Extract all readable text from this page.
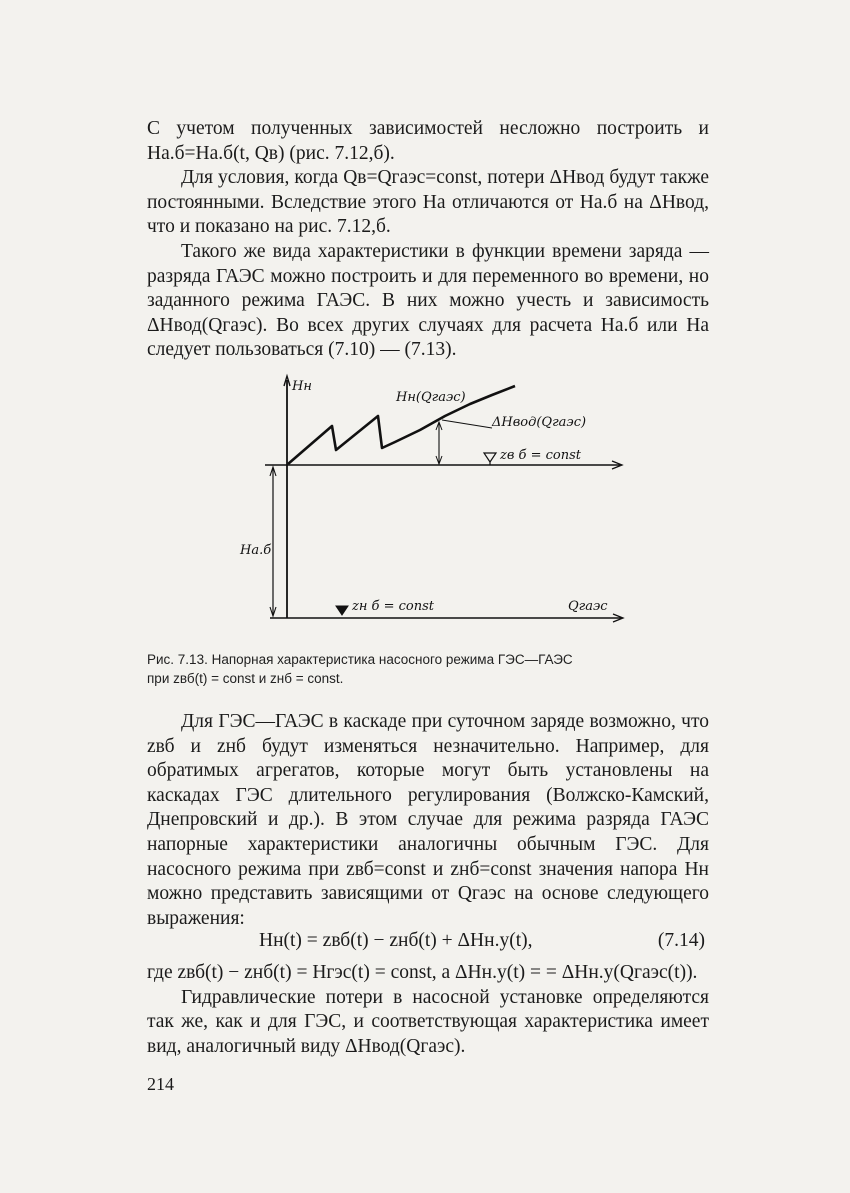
С учетом полученных зависимостей несложно построить и Hа.б=Hа.б(t, Qв) (рис. 7.12,б).

Для условия, когда Qв=Qгаэс=const, потери ΔHвод будут также постоянными. Вследствие этого Hа отличаются от Hа.б на ΔHвод, что и показано на рис. 7.12,б.

Такого же вида характеристики в функции времени заряда — разряда ГАЭС можно построить и для переменного во времени, но заданного режима ГАЭС. В них можно учесть и зависимость ΔHвод(Qгаэс). Во всех других случаях для расчета Hа.б или Hа следует пользоваться (7.10) — (7.13).

Hн
Hн(Qгаэс)
ΔHвод(Qгаэс)
zв б = const
zн б = const	Qгаэс
Hа.б

Рис. 7.13. Напорная характеристика насосного режима ГЭС—ГАЭС

при zвб(t) = const и zнб = const.

Для ГЭС—ГАЭС в каскаде при суточном заряде возможно, что zвб и zнб будут изменяться незначительно. Например, для обратимых агрегатов, которые могут быть установлены на каскадах ГЭС длительного регулирования (Волжско-Камский, Днепровский и др.). В этом случае для режима разряда ГАЭС напорные характеристики аналогичны обычным ГЭС. Для насосного режима при zвб=const и zнб=const значения напора Hн можно представить зависящими от Qгаэс на основе следующего выражения:

Hн(t) = zвб(t) − zнб(t) + ΔHн.у(t),	(7.14)

где zвб(t) − zнб(t) = Hгэс(t) = const, а ΔHн.у(t) = = ΔHн.у(Qгаэс(t)).

Гидравлические потери в насосной установке определяются так же, как и для ГЭС, и соответствующая характеристика имеет вид, аналогичный виду ΔHвод(Qгаэс).

214
